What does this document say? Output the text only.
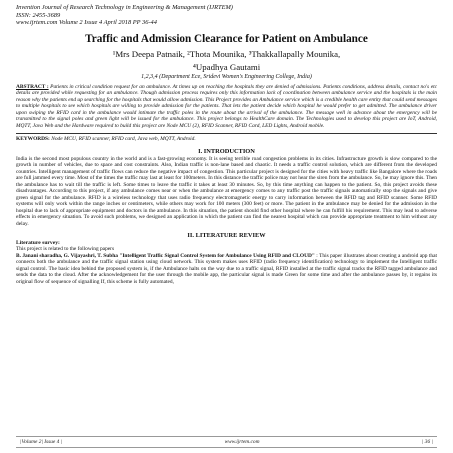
Invention Journal of Research Technology in Engineering & Management (IJRTEM)
ISSN: 2455-3689
www.ijrtem.com Volume 2 Issue 4 April 2018 PP 36-44
Traffic and Admission Clearance for Patient on Ambulance
¹Mrs Deepa Patnaik, ²Thota Mounika, ³Thakkallapally Mounika,
⁴Upadhya Gautami
1,2,3,4 (Department Ece, Sridevi Women's Engineering College, India)
ABSTRACT : Patients in critical condition request for an ambulance. At times up on reaching the hospitals they are denied of admissions. Patients conditions, address details, contact no's etc details are provided while requesting for an ambulance. Though admission process requires only this information lack of coordination between ambulance service and the hospitals is the main reason why the patients end up searching for the hospitals that would allow admission. This Project provides an Ambulance service which is a credible health care entity that could send messages to multiple hospitals to see which hospitals are willing to provide admission for the patients. That lets the patient decide which hospital he would prefer to get admitted. The ambulance driver upon swiping the RFID card in the ambulance would intimate the traffic poles in the route about the arrival of the ambulance. The message well in advance about the emergency will be transmitted to the signal poles and green light will be issued for the ambulance. This project belongs to HealthCare domain. The Technologies used to develop this project are IoT, Android, MQTT, Java Web and the Hardware required to build this project are Node MCU (2), RFID Scanner, RFID Card, LED Lights, Android mobile.
KEYWORDS: Node MCU, RFID scanner, RFID card, Java web, MQTT, Android.
I. INTRODUCTION
India is the second most populous country in the world and is a fast-growing economy. It is seeing terrible road congestion problems in its cities. Infrastructure growth is slow compared to the growth in number of vehicles, due to space and cost constraints. Also, Indian traffic is non-lane based and chaotic. It needs a traffic control solution, which are different from the developed countries. Intelligent management of traffic flows can reduce the negative impact of congestion. This particular project is designed for the cities with heavy traffic like Bangalore where the roads are full jammed every time. Most of the times the traffic may last at least for 100meters. In this distance the traffic police may not hear the siren from the ambulance. So, he may ignore this. Then the ambulance has to wait till the traffic is left. Some times to leave the traffic it takes at least 30 minutes. So, by this time anything can happen to the patient. So, this project avoids these disadvantages. According to this project, if any ambulance comes near or when the ambulance at emergency comes to any traffic post the traffic signals automatically stop the signals and give green signal for the ambulance. RFID is a wireless technology that uses radio frequency electromagnetic energy to carry information between the RFID tag and RFID scanner. Some RFID systems will only work within the range inches or centimeters, while others may work for 100 meters (300 feet) or more. The patient in the ambulance may be denied for the admission in the hospital due to lack of appropriate equipment and doctors in the ambulance. In this situation, the patient should find other hospital where he can fulfill his requirement. This may lead to adverse effects in emergency situation. To avoid such problems, we designed an application in which the patient can find the nearest hospital which can provide appropriate treatment to him without any delay.
II. LITERATURE REVIEW
Literature survey:
This project is related to the following papers
B. Janani sharadha, G. Vijayashri, T. Subha "Intelligent Traffic Signal Control System for Ambulance Using RFID and CLOUD" : This paper illustrates about creating a android app that connects both the ambulance and the traffic signal station using cloud network. This system makes uses RFID (radio frequency identification) technology to implement the Intelligent traffic signal control. The basic idea behind the proposed system is, if the Ambulance halts on the way due to a traffic signal, RFID installed at the traffic signal tracks the RFID tagged ambulance and sends the data to the cloud. After the acknowledgement for the user through the mobile app, the particular signal is made Green for some time and after the ambulance passes by, it regains its original flow of sequence of signalling If, this scheme is fully automated,
|Volume 2| Issue 4 |	www.ijrtem.com	| 36 |
